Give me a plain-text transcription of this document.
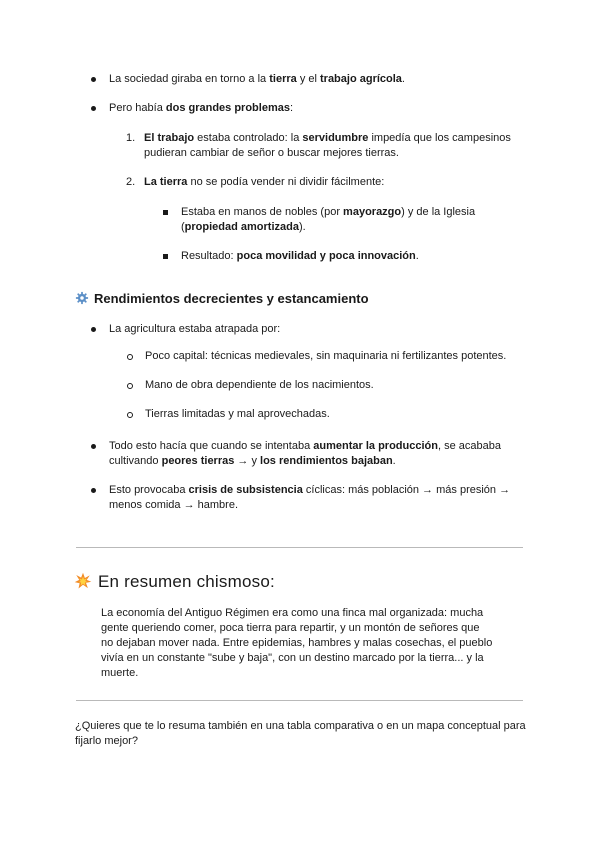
La sociedad giraba en torno a la tierra y el trabajo agrícola.
Pero había dos grandes problemas:
1. El trabajo estaba controlado: la servidumbre impedía que los campesinos
pudieran cambiar de señor o buscar mejores tierras.
2. La tierra no se podía vender ni dividir fácilmente:
Estaba en manos de nobles (por mayorazgo) y de la Iglesia
(propiedad amortizada).
Resultado: poca movilidad y poca innovación.
Rendimientos decrecientes y estancamiento
La agricultura estaba atrapada por:
Poco capital: técnicas medievales, sin maquinaria ni fertilizantes potentes.
Mano de obra dependiente de los nacimientos.
Tierras limitadas y mal aprovechadas.
Todo esto hacía que cuando se intentaba aumentar la producción, se acababa
cultivando peores tierras → y los rendimientos bajaban.
Esto provocaba crisis de subsistencia cíclicas: más población → más presión →
menos comida → hambre.
En resumen chismoso:
La economía del Antiguo Régimen era como una finca mal organizada: mucha
gente queriendo comer, poca tierra para repartir, y un montón de señores que
no dejaban mover nada. Entre epidemias, hambres y malas cosechas, el pueblo
vivía en un constante "sube y baja", con un destino marcado por la tierra... y la
muerte.
¿Quieres que te lo resuma también en una tabla comparativa o en un mapa conceptual para
fijarlo mejor?
